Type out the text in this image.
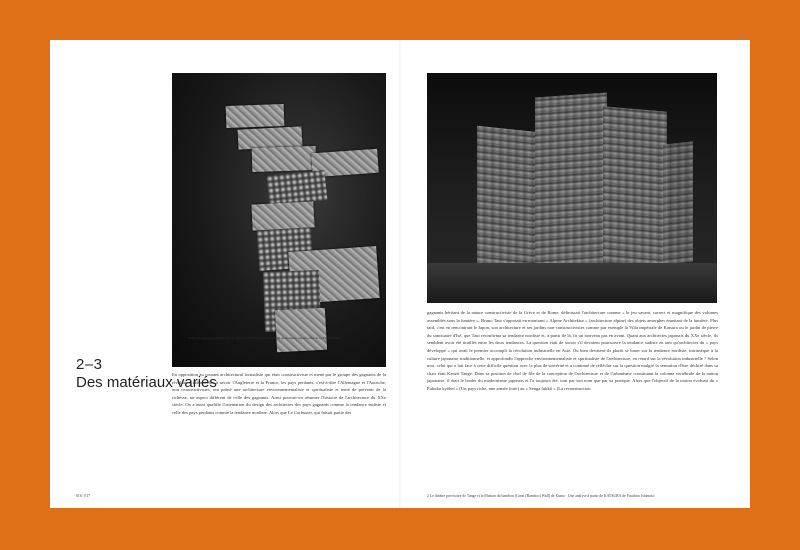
Dalles du passage reliant le parvis que l'on suit à longueur le temple du Rempart (Après-effet de la Villa Katsura
2–3
Des matériaux variés
En opposition au courant architectural formaliste qui était constructiviste et mené par le groupe des gagnants de la révolution industrielle, à savoir l'Angleterre et la France, les pays perdants, c'est-à-dire l'Allemagne et l'Autriche, non constructivistes, ont prôné une architecture environnementaliste et spiritualiste et tenté de prévenir de la richesse, un aspect différent de celle des gagnants. Ainsi pouvait-on résumer l'histoire de l'architecture du XXe siècle. On a aussi qualifié l'orientation du design des architectes des pays gagnants comme la tendance sudiste et celle des pays perdants comme la tendance nordiste. Alors que Le Corbusier, qui faisait partie des
016 | 017
Kadokawa Culture Museum
gagnants héritant de la nature constructiviste de la Grèce et de Rome, définissait l'architecture comme « le jeu savant, correct et magnifique des volumes assemblés sous la lumière », Bruno Taut s'opposait en montrant « Alpine Architektur » (architecture alpine) des objets amorphes émettant de la lumière. Plus tard, c'est en rencontrant le Japon, son architecture et ses jardins non-constructivistes comme par exemple la Villa impériale de Katsura ou le jardin de pierre du sanctuaire d'Isé, que Taut reconfirma sa tendance nordiste et, à partir de là, fit un nouveau pas en avant. Quant aux architectes japonais du XXe siècle, ils semblent avoir été tiraillés entre les deux tendances. La question était de savoir s'il devaient poursuivre la tendance sudiste en tant qu'architectes du « pays développé » qui avait le premier accompli la révolution industrielle en Asie. Ou bien devaient-ils plutôt se baser sur la tendance nordiste, intrinsèque à la culture japonaise traditionnelle, et approfondir l'approche environnementaliste et spiritualiste de l'architecture, en retard sur la révolution industrielle ? Selon moi, celui qui a fait face à cette difficile question avec le plus de sincérité et a continué de réfléchir sur la question malgré la sensation d'être déchiré dans sa chair était Kenzō Tange. Dans sa position de chef de file de la conception de l'architecture et de l'urbanisme constituant la colonne vertébrale de la nation japonaise, il était le leader du modernisme japonais et l'a toujours été, tout par son nom que par sa pratique. Alors que l'objectif de la nation évoluait du « Fukoku kyōhei » (Un pays riche, une armée forte) au « Senga fukkō » (La reconstruction
2 Le théâtre provisoire de Tange et la Maison du bambou (Great (Bamboo) Wall) de Kuma · Une analyse à partir de KATSURA de Yasuhiro Ishimoto
